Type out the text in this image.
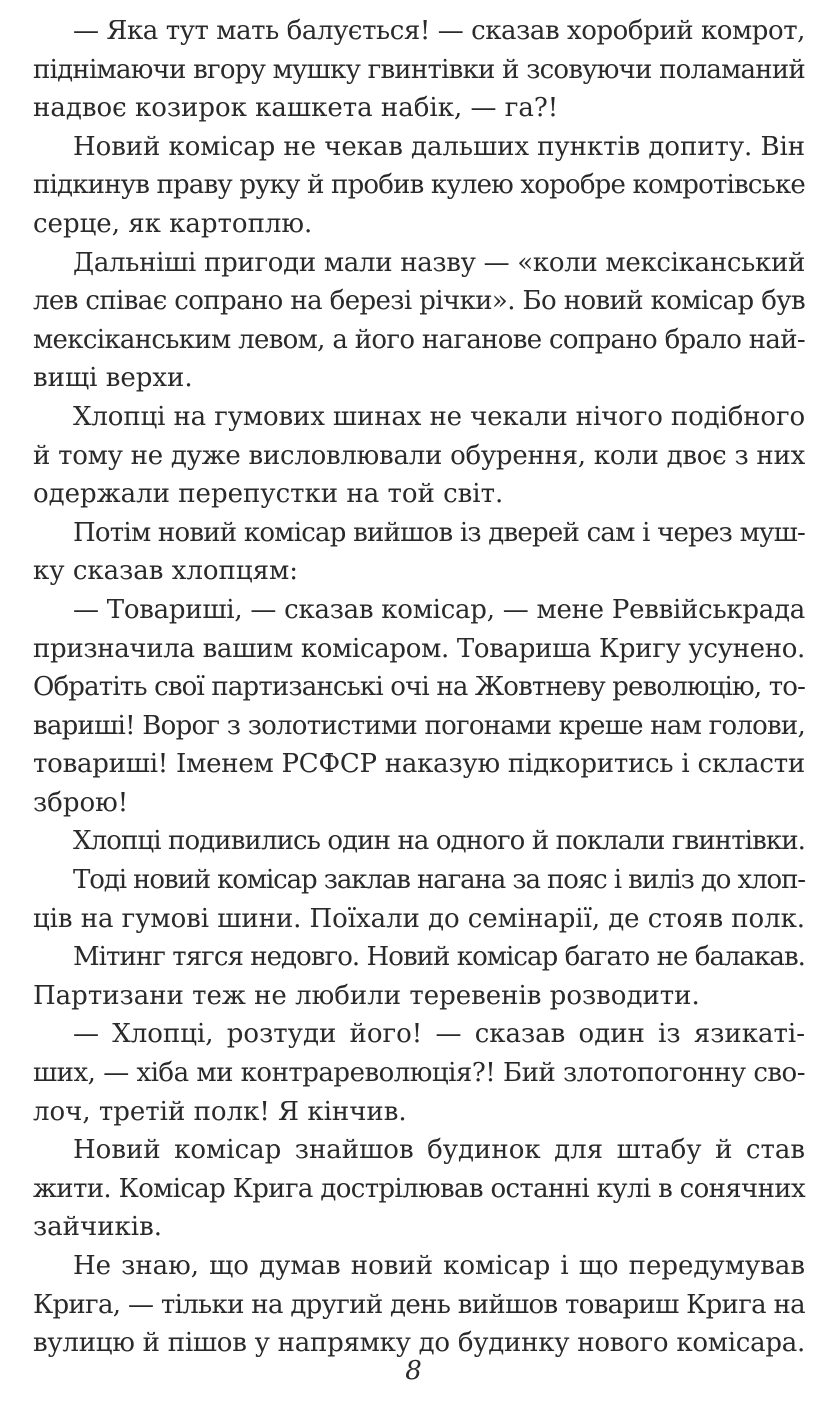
— Яка тут мать балується! — сказав хоробрий комрот,
піднімаючи вгору мушку гвинтівки й зсовуючи поламаний
надвоє козирок кашкета набік, — га?!
Новий комісар не чекав дальших пунктів допиту. Він
підкинув праву руку й пробив кулею хоробре комротівське
серце, як картоплю.
Дальніші пригоди мали назву — «коли мексіканський
лев співає сопрано на березі річки». Бо новий комісар був
мексіканським левом, а його наганове сопрано брало най-
вищі верхи.
Хлопці на гумових шинах не чекали нічого подібного
й тому не дуже висловлювали обурення, коли двоє з них
одержали перепустки на той світ.
Потім новий комісар вийшов із дверей сам і через муш-
ку сказав хлопцям:
— Товариші, — сказав комісар, — мене Реввійськрада
призначила вашим комісаром. Товариша Кригу усунено.
Обратіть свої партизанські очі на Жовтневу революцію, то-
вариші! Ворог з золотистими погонами креше нам голови,
товариші! Іменем РСФСР наказую підкоритись і скласти
зброю!
Хлопці подивились один на одного й поклали гвинтівки.
Тоді новий комісар заклав нагана за пояс і виліз до хлоп-
ців на гумові шини. Поїхали до семінарії, де стояв полк.
Мітинг тягся недовго. Новий комісар багато не балакав.
Партизани теж не любили теревенів розводити.
— Хлопці, розтуди його! — сказав один із язикаті-
ших, — хіба ми контрареволюція?! Бий злотопогонну сво-
лоч, третій полк! Я кінчив.
Новий комісар знайшов будинок для штабу й став
жити. Комісар Крига дострілював останні кулі в сонячних
зайчиків.
Не знаю, що думав новий комісар і що передумував
Крига, — тільки на другий день вийшов товариш Крига на
вулицю й пішов у напрямку до будинку нового комісара.
8
